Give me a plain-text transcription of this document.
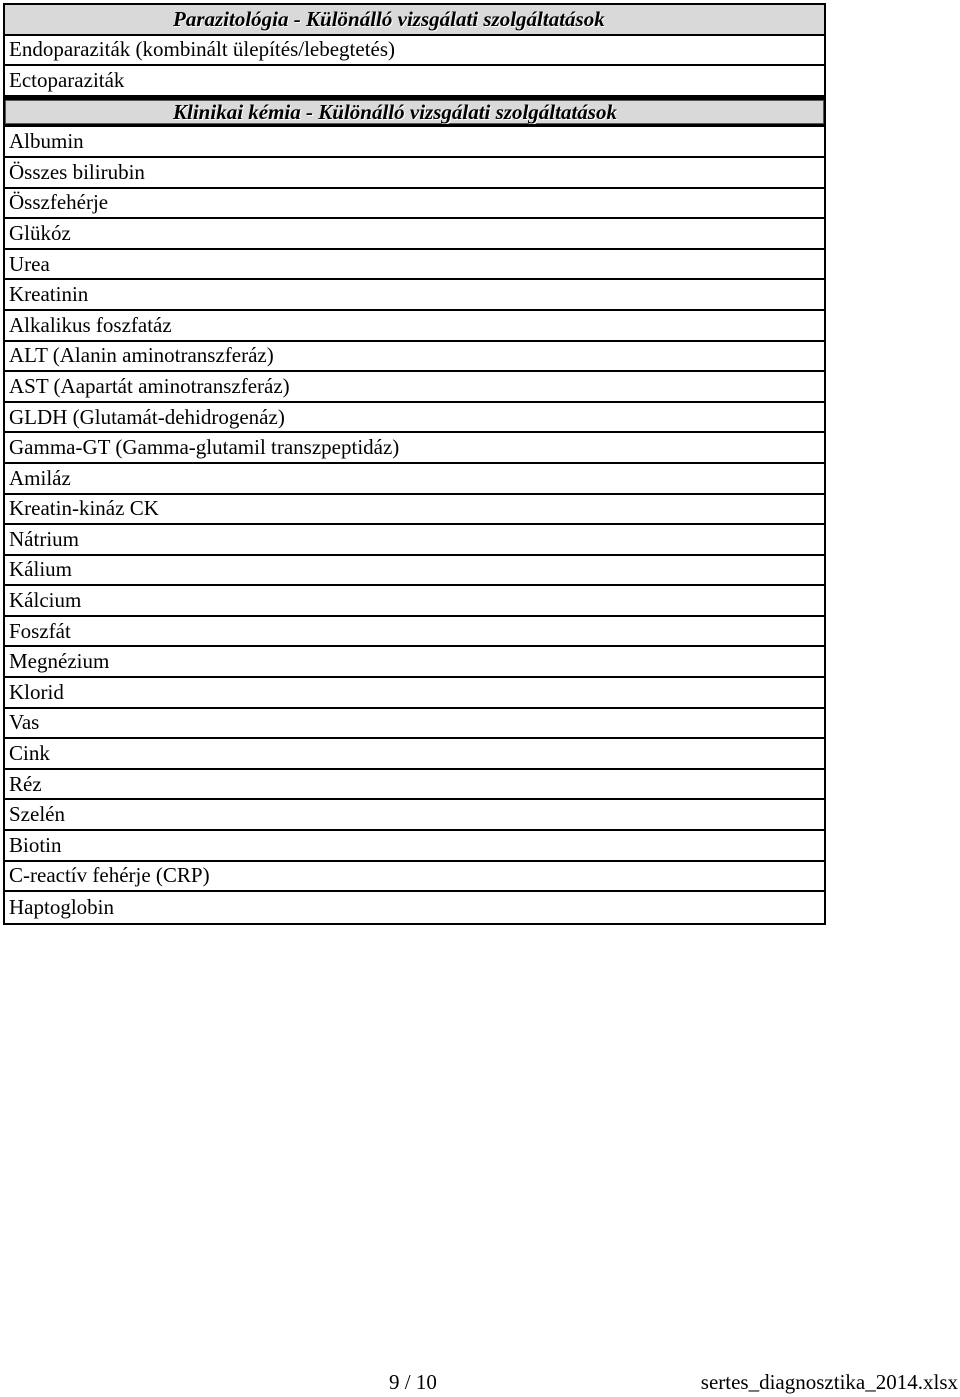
Parazitológia - Különálló vizsgálati szolgáltatások
Endoparaziták (kombinált ülepítés/lebegtetés)
Ectoparaziták
Klinikai kémia - Különálló vizsgálati szolgáltatások
Albumin
Összes bilirubin
Összfehérje
Glükóz
Urea
Kreatinin
Alkalikus foszfatáz
ALT (Alanin aminotranszferáz)
AST (Aapartát aminotranszferáz)
GLDH (Glutamát-dehidrogenáz)
Gamma-GT (Gamma-glutamil transzpeptidáz)
Amiláz
Kreatin-kináz CK
Nátrium
Kálium
Kálcium
Foszfát
Megnézium
Klorid
Vas
Cink
Réz
Szelén
Biotin
C-reactív fehérje (CRP)
Haptoglobin
9 / 10	sertes_diagnosztika_2014.xlsx
